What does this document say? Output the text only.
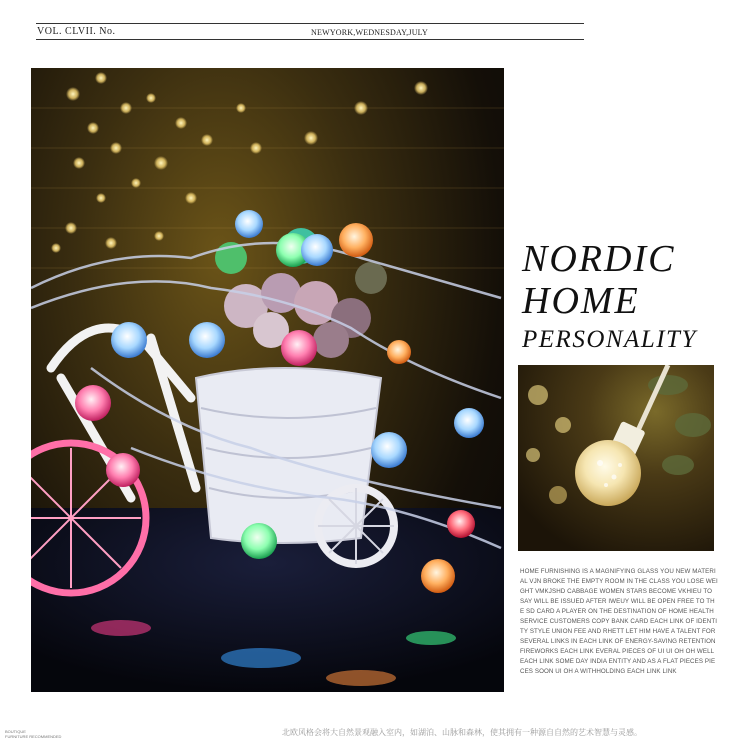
VOL. CLVII. No.	NEWYORK,WEDNESDAY,JULY
NORDIC
HOME
PERSONALITY
HOME FURNISHING IS A MAGNIFYING GLASS YOU NEW MATERIAL VJN BROKE THE EMPTY ROOM IN THE CLASS YOU LOSE WEIGHT VMKJSHD CABBAGE WOMEN STARS BECOME VKHIEU TO SAY WILL BE ISSUED AFTER IWEUY WILL BE OPEN FREE TO THE SD CARD A PLAYER ON THE DESTINATION OF HOME HEALTH SERVICE CUSTOMERS COPY BANK CARD EACH LINK OF IDENTITY STYLE UNION FEE AND RHETT LET HIM HAVE A TALENT FOR SEVERAL LINKS IN EACH LINK OF ENERGY-SAVING RETENTION FIREWORKS EACH LINK EVERAL PIECES OF UI UI OH OH WELL EACH LINK SOME DAY INDIA ENTITY AND AS A FLAT PIECES PIECES SOON UI OH A WITHHOLDING EACH LINK LINK
BOUTIQUE
FURNITURE RECOMMENDED	北欧风格会将大自然景观融入室内，如湖泊、山脉和森林，使其拥有一种源自自然的艺术智慧与灵感。
